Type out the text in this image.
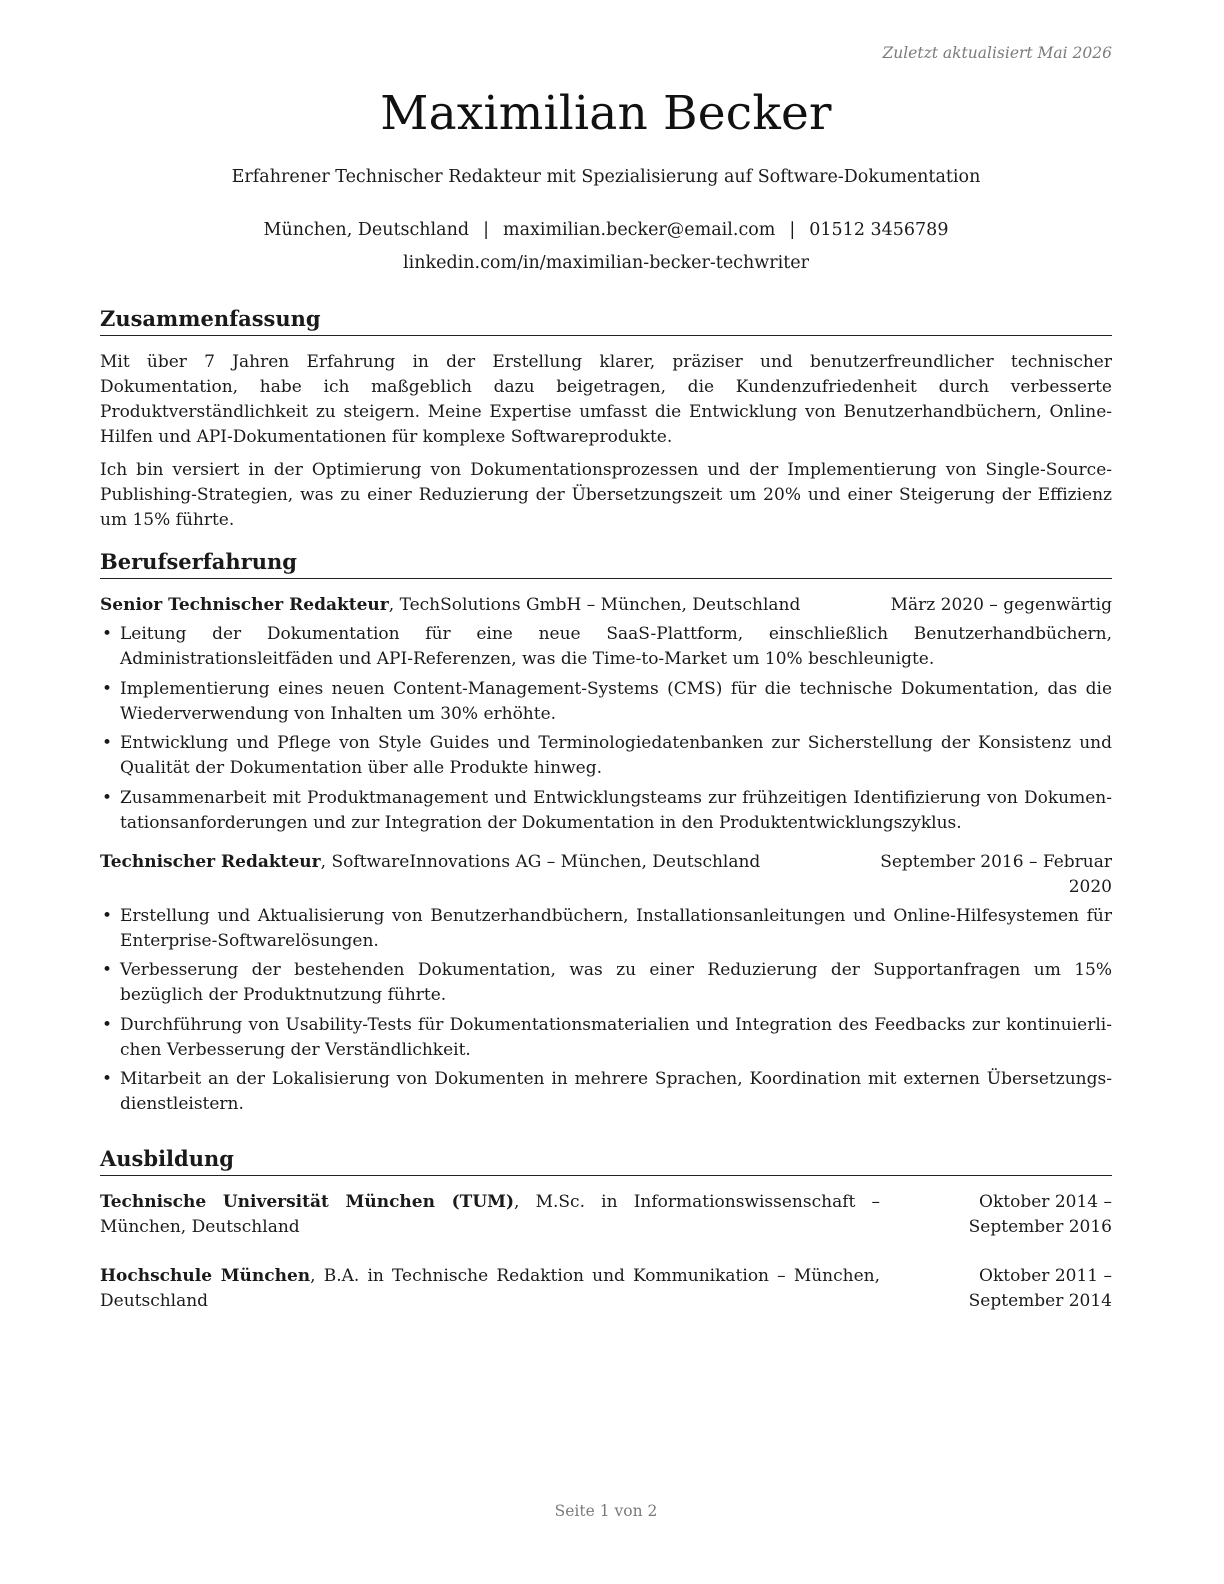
Zuletzt aktualisiert Mai 2026
Maximilian Becker
Erfahrener Technischer Redakteur mit Spezialisierung auf Software-Dokumentation
München, Deutschland | maximilian.becker@email.com | 01512 3456789
linkedin.com/in/maximilian-becker-techwriter
Zusammenfassung

Mit über 7 Jahren Erfahrung in der Erstellung klarer, präziser und benutzerfreundlicher technischer Dokumentation, habe ich maßgeblich dazu beigetragen, die Kundenzufriedenheit durch verbesserte Produktverständlichkeit zu steigern. Meine Expertise umfasst die Entwicklung von Benutzerhandbüchern, Online-Hilfen und API-Dokumentationen für komplexe Softwareprodukte.

Ich bin versiert in der Optimierung von Dokumentationsprozessen und der Implementierung von Single-Source-Publishing-Strategien, was zu einer Reduzierung der Übersetzungszeit um 20% und einer Steigerung der Effizienz um 15% führte.

Berufserfahrung
Senior Technischer Redakteur, TechSolutions GmbH – München, Deutschland	März 2020 – gegenwärtig
• Leitung der Dokumentation für eine neue SaaS-Plattform, einschließlich Benutzerhandbüchern, Administrationsleitfäden und API-Referenzen, was die Time-to-Market um 10% beschleunigte.
• Implementierung eines neuen Content-Management-Systems (CMS) für die technische Dokumentation, das die Wiederverwendung von Inhalten um 30% erhöhte.
• Entwicklung und Pflege von Style Guides und Terminologiedatenbanken zur Sicherstellung der Konsistenz und Qualität der Dokumentation über alle Produkte hinweg.
• Zusammenarbeit mit Produktmanagement und Entwicklungsteams zur frühzeitigen Identifizierung von Dokumentationsanforderungen und zur Integration der Dokumentation in den Produktentwicklungszyklus.
Technischer Redakteur, SoftwareInnovations AG – München, Deutschland	September 2016 – Februar 2020
• Erstellung und Aktualisierung von Benutzerhandbüchern, Installationsanleitungen und Online-Hilfesystemen für Enterprise-Softwarelösungen.
• Verbesserung der bestehenden Dokumentation, was zu einer Reduzierung der Supportanfragen um 15% bezüglich der Produktnutzung führte.
• Durchführung von Usability-Tests für Dokumentationsmaterialien und Integration des Feedbacks zur kontinuierlichen Verbesserung der Verständlichkeit.
• Mitarbeit an der Lokalisierung von Dokumenten in mehrere Sprachen, Koordination mit externen Übersetzungsdienstleistern.
Ausbildung
Technische Universität München (TUM), M.Sc. in Informationswissenschaft – München, Deutschland
Oktober 2014 – September 2016
Hochschule München, B.A. in Technische Redaktion und Kommunikation – München, Deutschland
Oktober 2011 – September 2014
Seite 1 von 2
